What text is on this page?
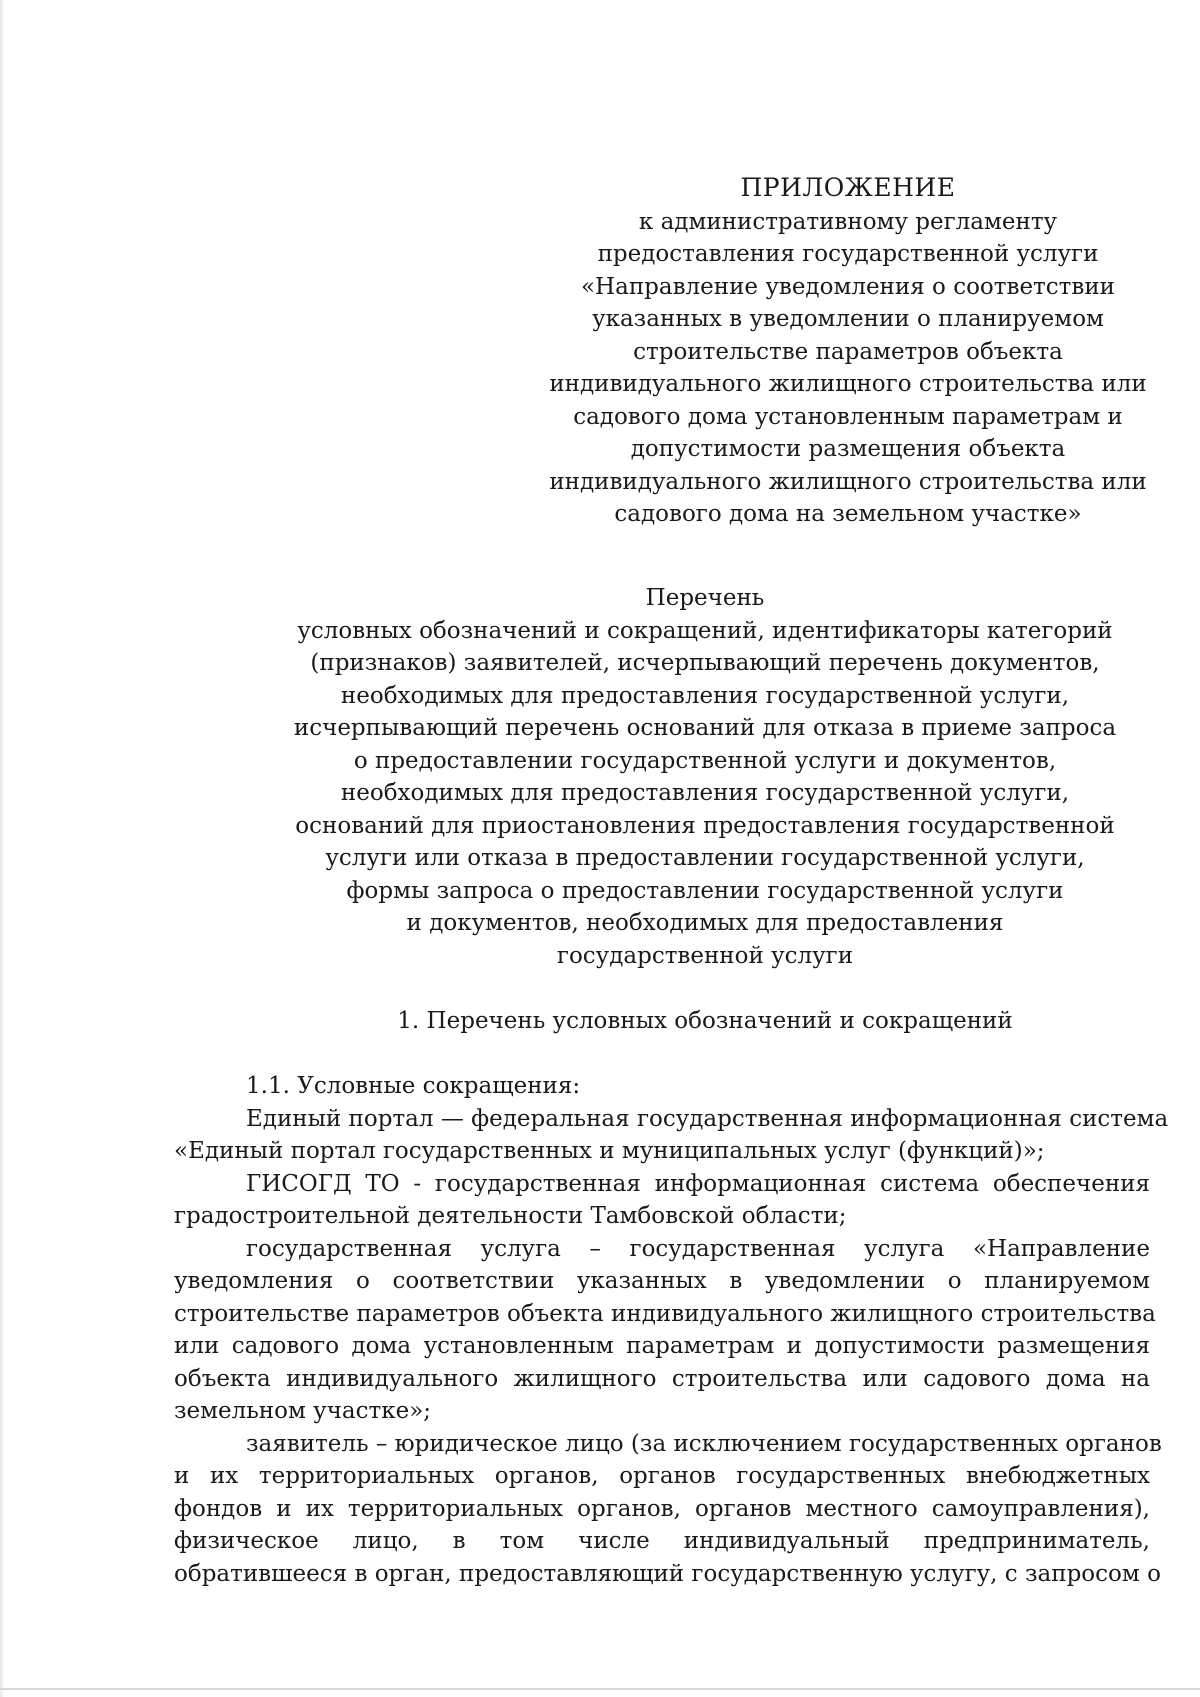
ПРИЛОЖЕНИЕ
к административному регламенту
предоставления государственной услуги
«Направление уведомления о соответствии
указанных в уведомлении о планируемом
строительстве параметров объекта
индивидуального жилищного строительства или
садового дома установленным параметрам и
допустимости размещения объекта
индивидуального жилищного строительства или
садового дома на земельном участке»
Перечень
условных обозначений и сокращений, идентификаторы категорий
(признаков) заявителей, исчерпывающий перечень документов,
необходимых для предоставления государственной услуги,
исчерпывающий перечень оснований для отказа в приеме запроса
о предоставлении государственной услуги и документов,
необходимых для предоставления государственной услуги,
оснований для приостановления предоставления государственной
услуги или отказа в предоставлении государственной услуги,
формы запроса о предоставлении государственной услуги
и документов, необходимых для предоставления
государственной услуги
1. Перечень условных обозначений и сокращений
1.1. Условные сокращения:
Единый портал — федеральная государственная информационная система
«Единый портал государственных и муниципальных услуг (функций)»;
ГИСОГД ТО - государственная информационная система обеспечения
градостроительной деятельности Тамбовской области;
государственная услуга – государственная услуга «Направление
уведомления о соответствии указанных в уведомлении о планируемом
строительстве параметров объекта индивидуального жилищного строительства
или садового дома установленным параметрам и допустимости размещения
объекта индивидуального жилищного строительства или садового дома на
земельном участке»;
заявитель – юридическое лицо (за исключением государственных органов
и их территориальных органов, органов государственных внебюджетных
фондов и их территориальных органов, органов местного самоуправления),
физическое лицо, в том числе индивидуальный предприниматель,
обратившееся в орган, предоставляющий государственную услугу, с запросом о
